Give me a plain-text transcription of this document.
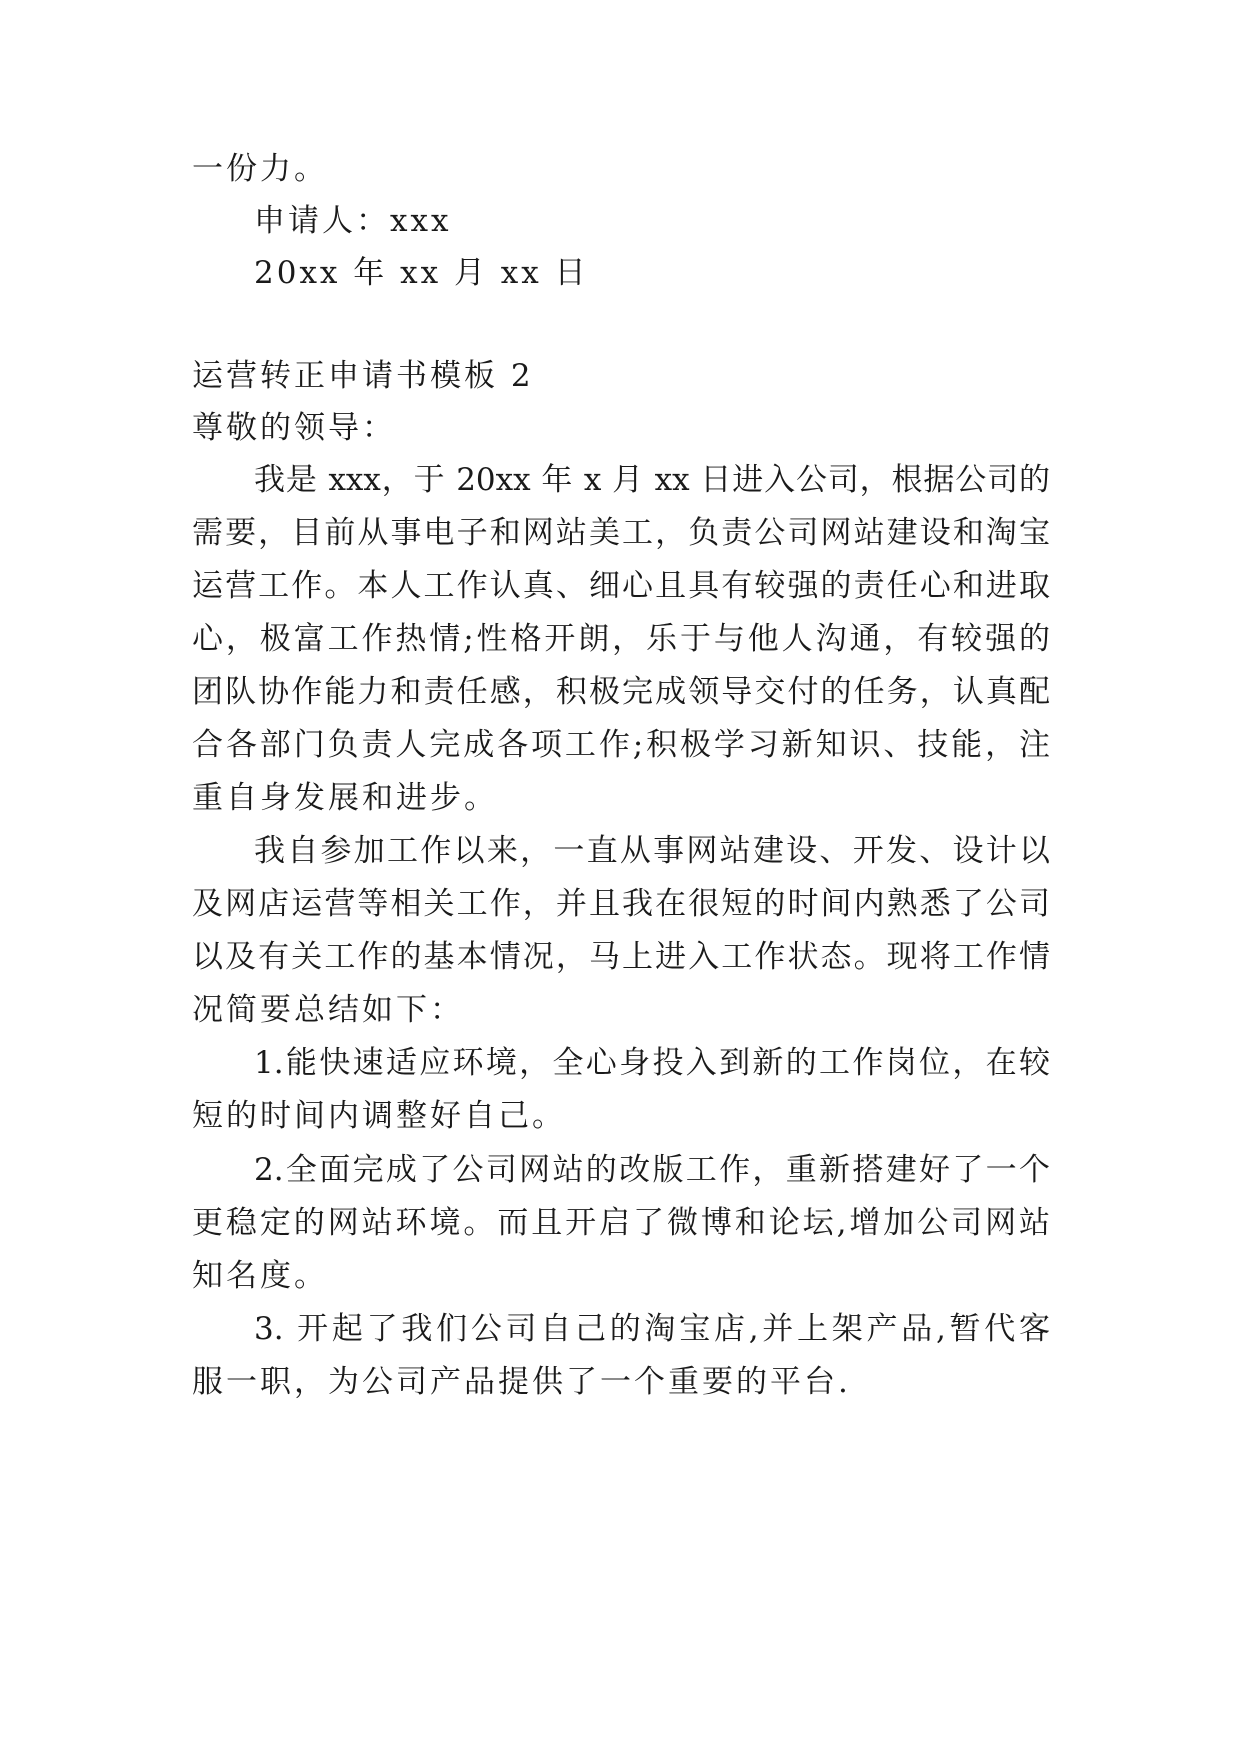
一份力。
申请人：xxx
20xx 年 xx 月 xx 日
运营转正申请书模板 2
尊敬的领导：
我是 xxx，于 20xx 年 x 月 xx 日进入公司，根据公司的
需要，目前从事电子和网站美工，负责公司网站建设和淘宝
运营工作。本人工作认真、细心且具有较强的责任心和进取
心，极富工作热情;性格开朗，乐于与他人沟通，有较强的
团队协作能力和责任感，积极完成领导交付的任务，认真配
合各部门负责人完成各项工作;积极学习新知识、技能，注
重自身发展和进步。
我自参加工作以来，一直从事网站建设、开发、设计以
及网店运营等相关工作，并且我在很短的时间内熟悉了公司
以及有关工作的基本情况，马上进入工作状态。现将工作情
况简要总结如下：
1.能快速适应环境，全心身投入到新的工作岗位，在较
短的时间内调整好自己。
2.全面完成了公司网站的改版工作，重新搭建好了一个
更稳定的网站环境。而且开启了微博和论坛,增加公司网站
知名度。
3. 开起了我们公司自己的淘宝店,并上架产品,暂代客
服一职，为公司产品提供了一个重要的平台.
